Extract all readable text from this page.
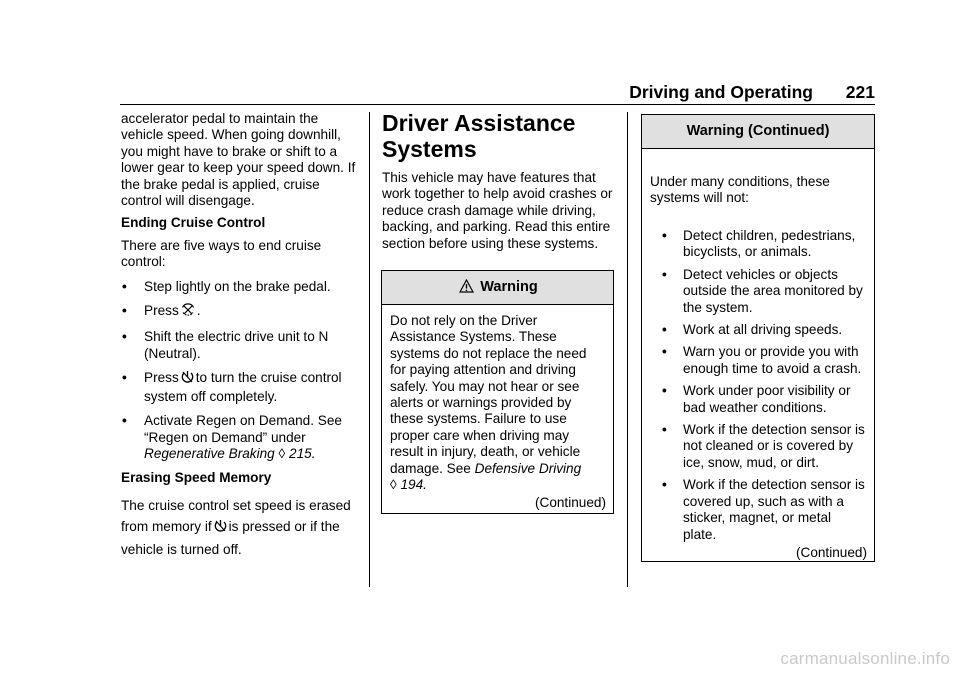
Driving and Operating 221

accelerator pedal to maintain the vehicle speed. When going downhill, you might have to brake or shift to a lower gear to keep your speed down. If the brake pedal is applied, cruise control will disengage.

Ending Cruise Control

There are five ways to end cruise control:

• Step lightly on the brake pedal.
• Press .
• Shift the electric drive unit to N (Neutral).
• Press to turn the cruise control system off completely.
• Activate Regen on Demand. See “Regen on Demand” under Regenerative Braking ◊ 215.

Erasing Speed Memory

The cruise control set speed is erased from memory if is pressed or if the vehicle is turned off.

Driver Assistance
Systems

This vehicle may have features that work together to help avoid crashes or reduce crash damage while driving, backing, and parking. Read this entire section before using these systems.

Warning
Do not rely on the Driver Assistance Systems. These systems do not replace the need for paying attention and driving safely. You may not hear or see alerts or warnings provided by these systems. Failure to use proper care when driving may result in injury, death, or vehicle damage. See Defensive Driving
◊ 194.
(Continued)
Warning (Continued)

Under many conditions, these systems will not:

• Detect children, pedestrians, bicyclists, or animals.
• Detect vehicles or objects outside the area monitored by the system.
• Work at all driving speeds.
• Warn you or provide you with enough time to avoid a crash.
• Work under poor visibility or bad weather conditions.
• Work if the detection sensor is not cleaned or is covered by ice, snow, mud, or dirt.
• Work if the detection sensor is covered up, such as with a sticker, magnet, or metal plate.
(Continued)
carmanualsonline.info
